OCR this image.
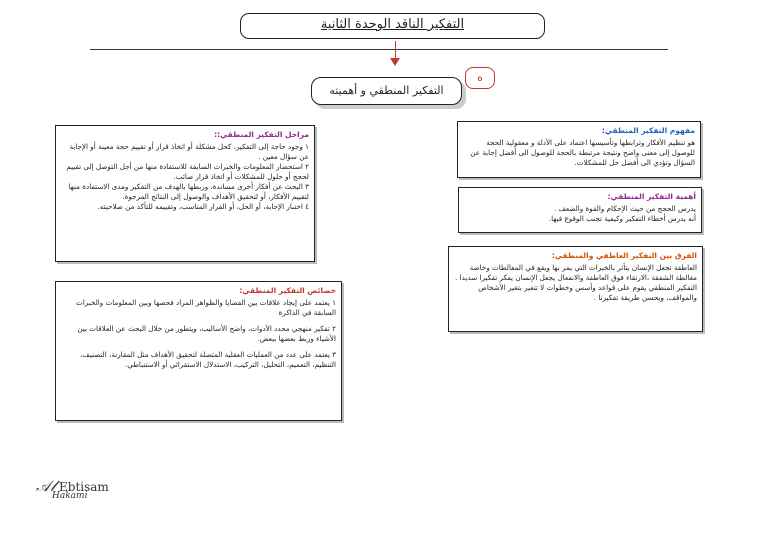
التفكير الناقد الوحدة الثانية
التفكير المنطقي و أهميته
ه
مفهوم التفكير المنطقي:

هو تنظيم الأفكار وترابطها وتأسيسها اعتماد على الأدلة و معقولية الحجة للوصول إلى معنى واضح ونتيجة مرتبطة بالحجة للوصول الى أفضل إجابة عن السؤال وتؤدي الى أفضل حل للمشكلات.

أهمية التفكير المنطقي:

يدرس الحجج من حيث الإحكام والقوة والضعف .

أنه يدرس أخطاء التفكير وكيفية تجنب الوقوع فيها.

الفرق بين التفكير العاطفي والمنطقي:

العاطفة تجعل الإنسان يتأثر بالخبرات التي يمر بها ويقع في المغالطات وخاصة مغالطة الشفقة ،الارتقاء فوق العاطفة والانفعال يجعل الإنسان يفكر تفكيرا سديدا .

التفكير المنطقي يقوم على قواعد وأسس وخطوات لا تتغير بتغير الأشخاص والمواقف، ويحسن طريقة تفكيرنا .

مراحل التفكير المنطقي::

١ وجود حاجة إلى التفكير، كحل مشكلة أو اتخاذ قرار أو تقييم حجة معينة أو الإجابة عن سؤال معين .

٢ استحضار المعلومات والخبرات السابقة للاستفادة منها من أجل التوصل إلى تقييم لحجج أو حلول للمشكلات أو اتخاذ قرار صائب.

٣ البحث عن أفكار أخرى مساندة، وربطها بالهدف من التفكير ومدى الاستفادة منها لتقييم الأفكار، أو لتحقيق الأهداف والوصول إلى النتائج المرجوة.

٤ اختبار الإجابة، أو الحل، أو القرار المناسب، وتقييمه للتأكد من صلاحيته.

خصائص التفكير المنطقي:

١ يعتمد على إيجاد علاقات بين القضايا والظواهر المراد فحصها وبين المعلومات والخبرات السابقة في الذاكرة

٢ تفكير منهجي محدد الأدوات، واضح الأساليب، ويتطور من خلال البحث عن العلاقات بين الأشياء وربط بعضها ببعض.

٣ يعتمد على عدد من العمليات العقلية المتصلة لتحقيق الأهداف مثل المقارنة، التصنيف، التنظيم، التعميم، التحليل، التركيب، الاستدلال الاستقرائي أو الاستنباطي.

𝒜𝓁 Ebtisam
Hakami
